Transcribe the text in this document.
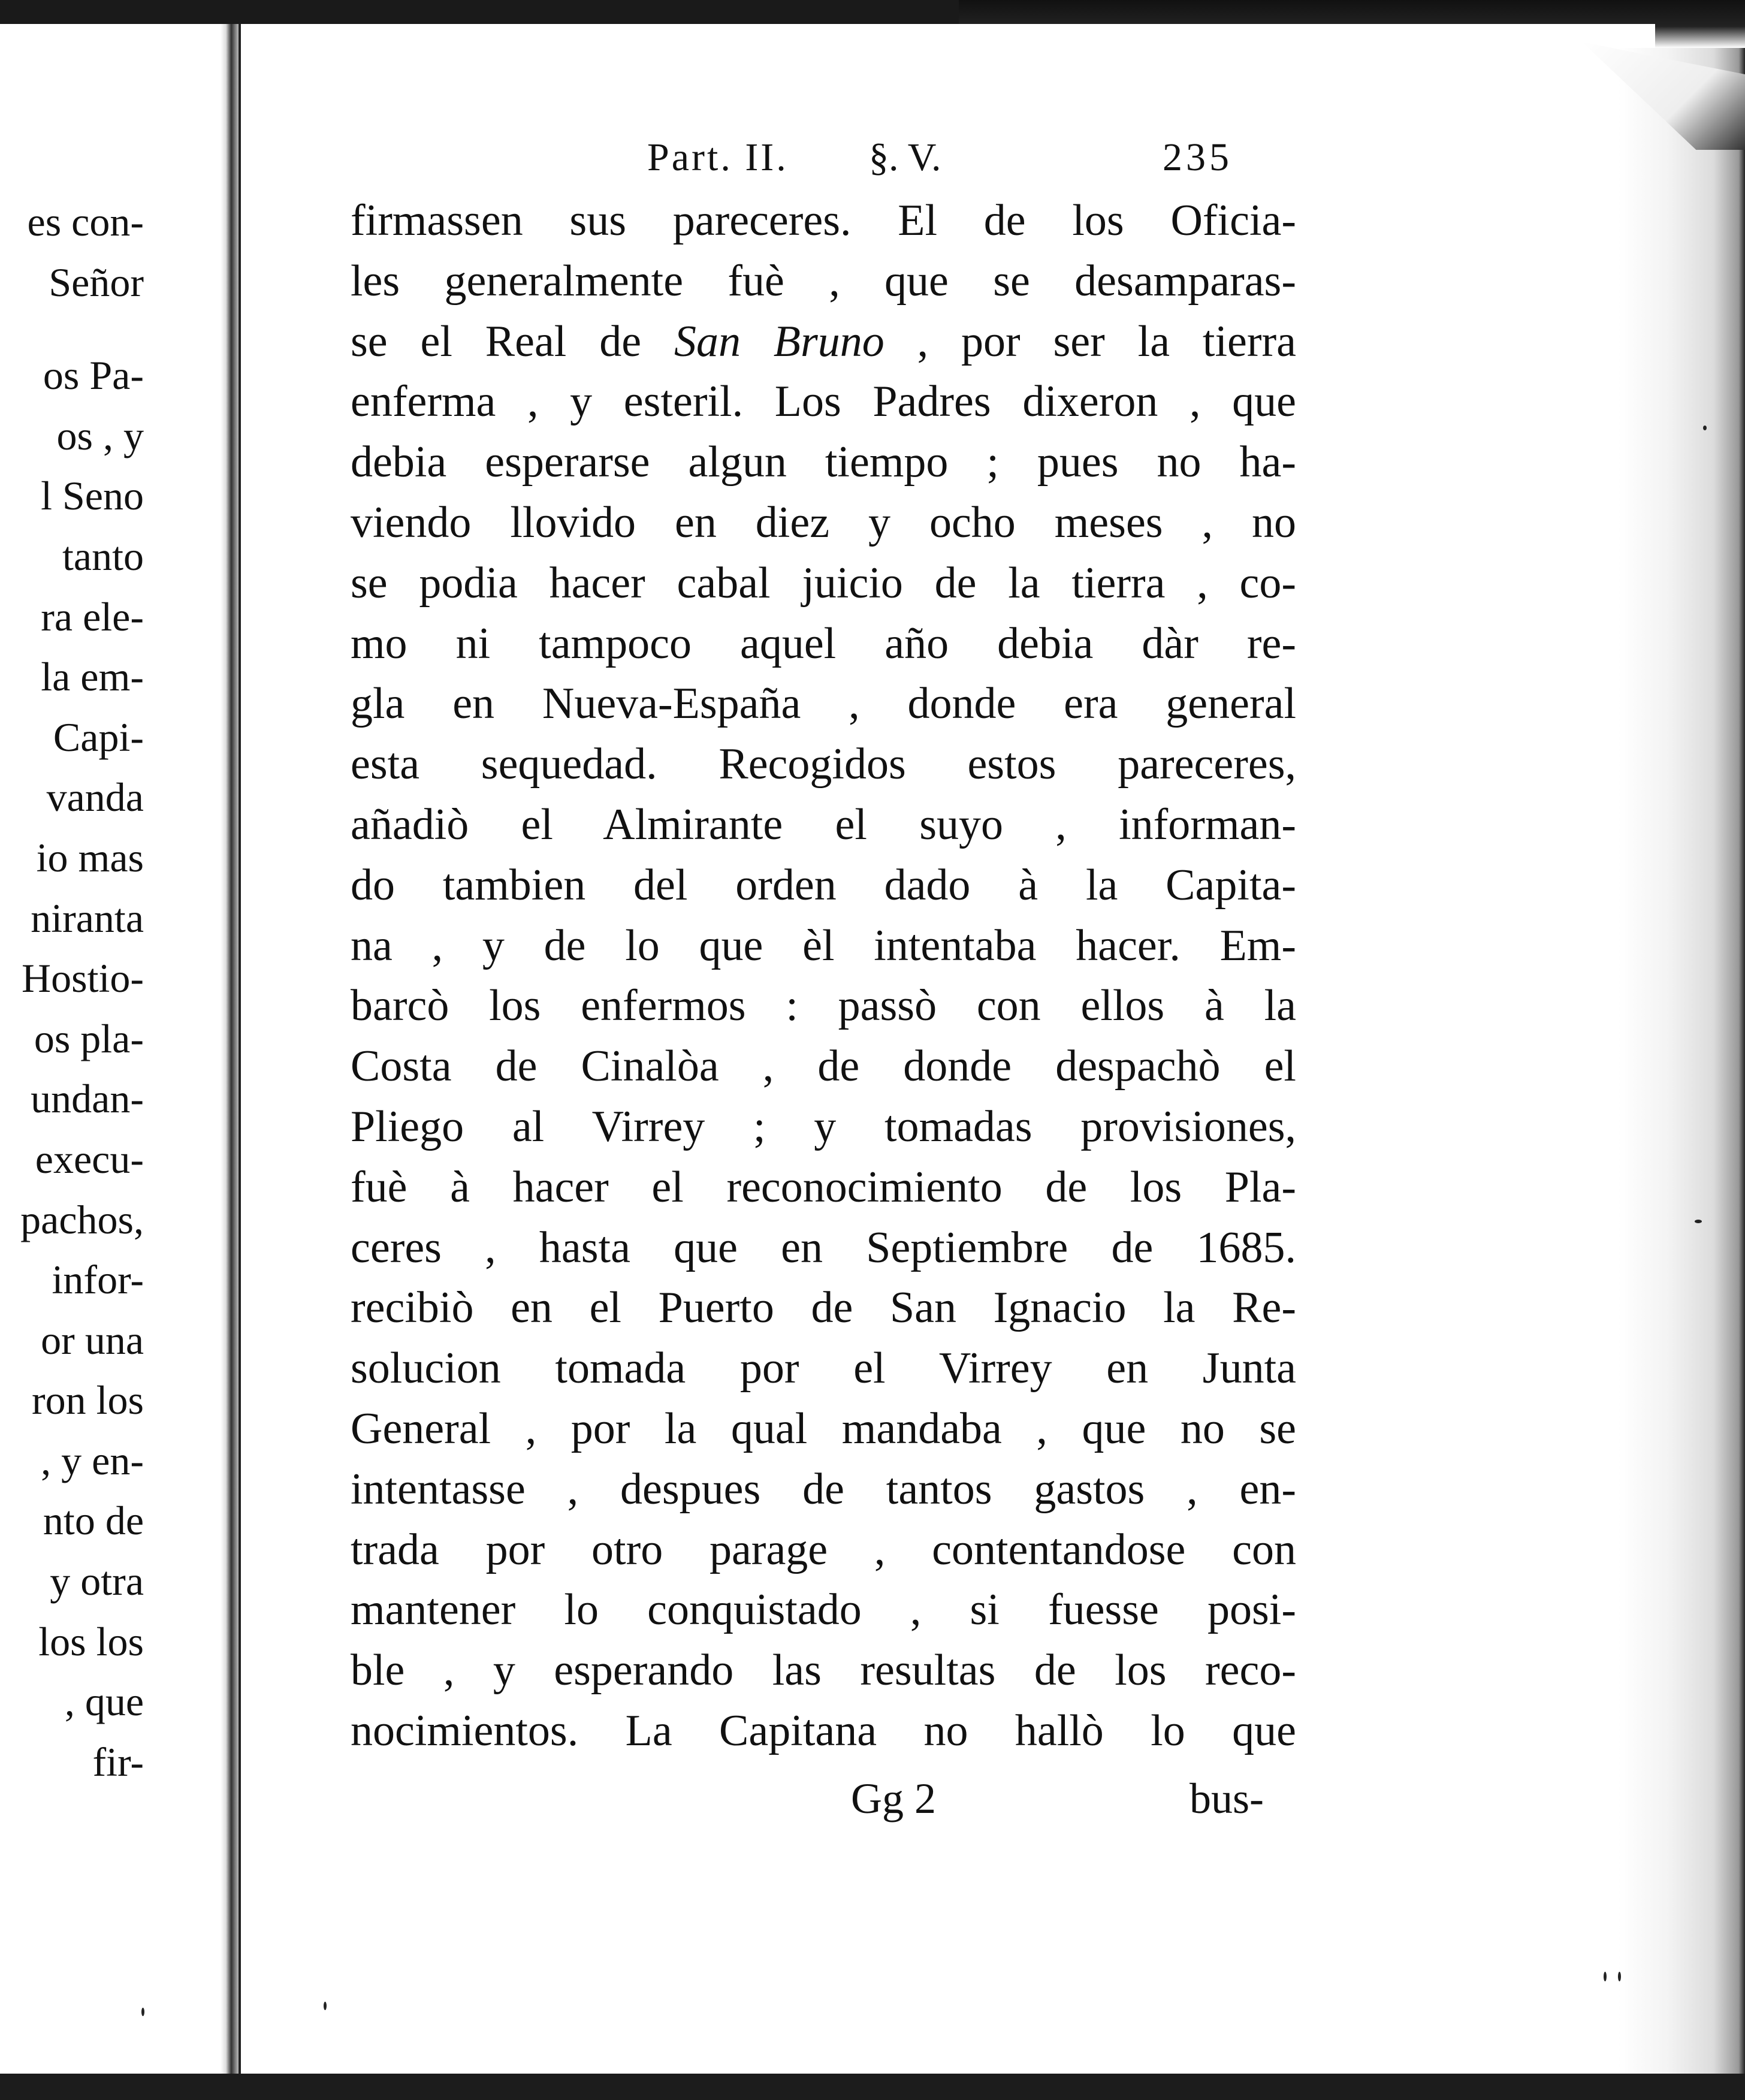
es con-
Señor
os Pa-
os , y
l Seno
tanto
ra ele-
la em-
Capi-
vanda
io mas
niranta
Hostio-
os pla-
undan-
execu-
pachos,
infor-
or una
ron los
, y en-
nto de
y otra
los los
, que
fir-
Part. II. §. V.	235
firmassen sus pareceres. El de los Oficia-
les generalmente fuè , que se desamparas-
se el Real de San Bruno , por ser la tierra
enferma , y esteril. Los Padres dixeron , que
debia esperarse algun tiempo ; pues no ha-
viendo llovido en diez y ocho meses , no
se podia hacer cabal juicio de la tierra , co-
mo ni tampoco aquel año debia dàr re-
gla en Nueva-España , donde era general
esta sequedad. Recogidos estos pareceres,
añadiò el Almirante el suyo , informan-
do tambien del orden dado à la Capita-
na , y de lo que èl intentaba hacer. Em-
barcò los enfermos : passò con ellos à la
Costa de Cinalòa , de donde despachò el
Pliego al Virrey ; y tomadas provisiones,
fuè à hacer el reconocimiento de los Pla-
ceres , hasta que en Septiembre de 1685.
recibiò en el Puerto de San Ignacio la Re-
solucion tomada por el Virrey en Junta
General , por la qual mandaba , que no se
intentasse , despues de tantos gastos , en-
trada por otro parage , contentandose con
mantener lo conquistado , si fuesse posi-
ble , y esperando las resultas de los reco-
nocimientos. La Capitana no hallò lo que
Gg 2	bus-
